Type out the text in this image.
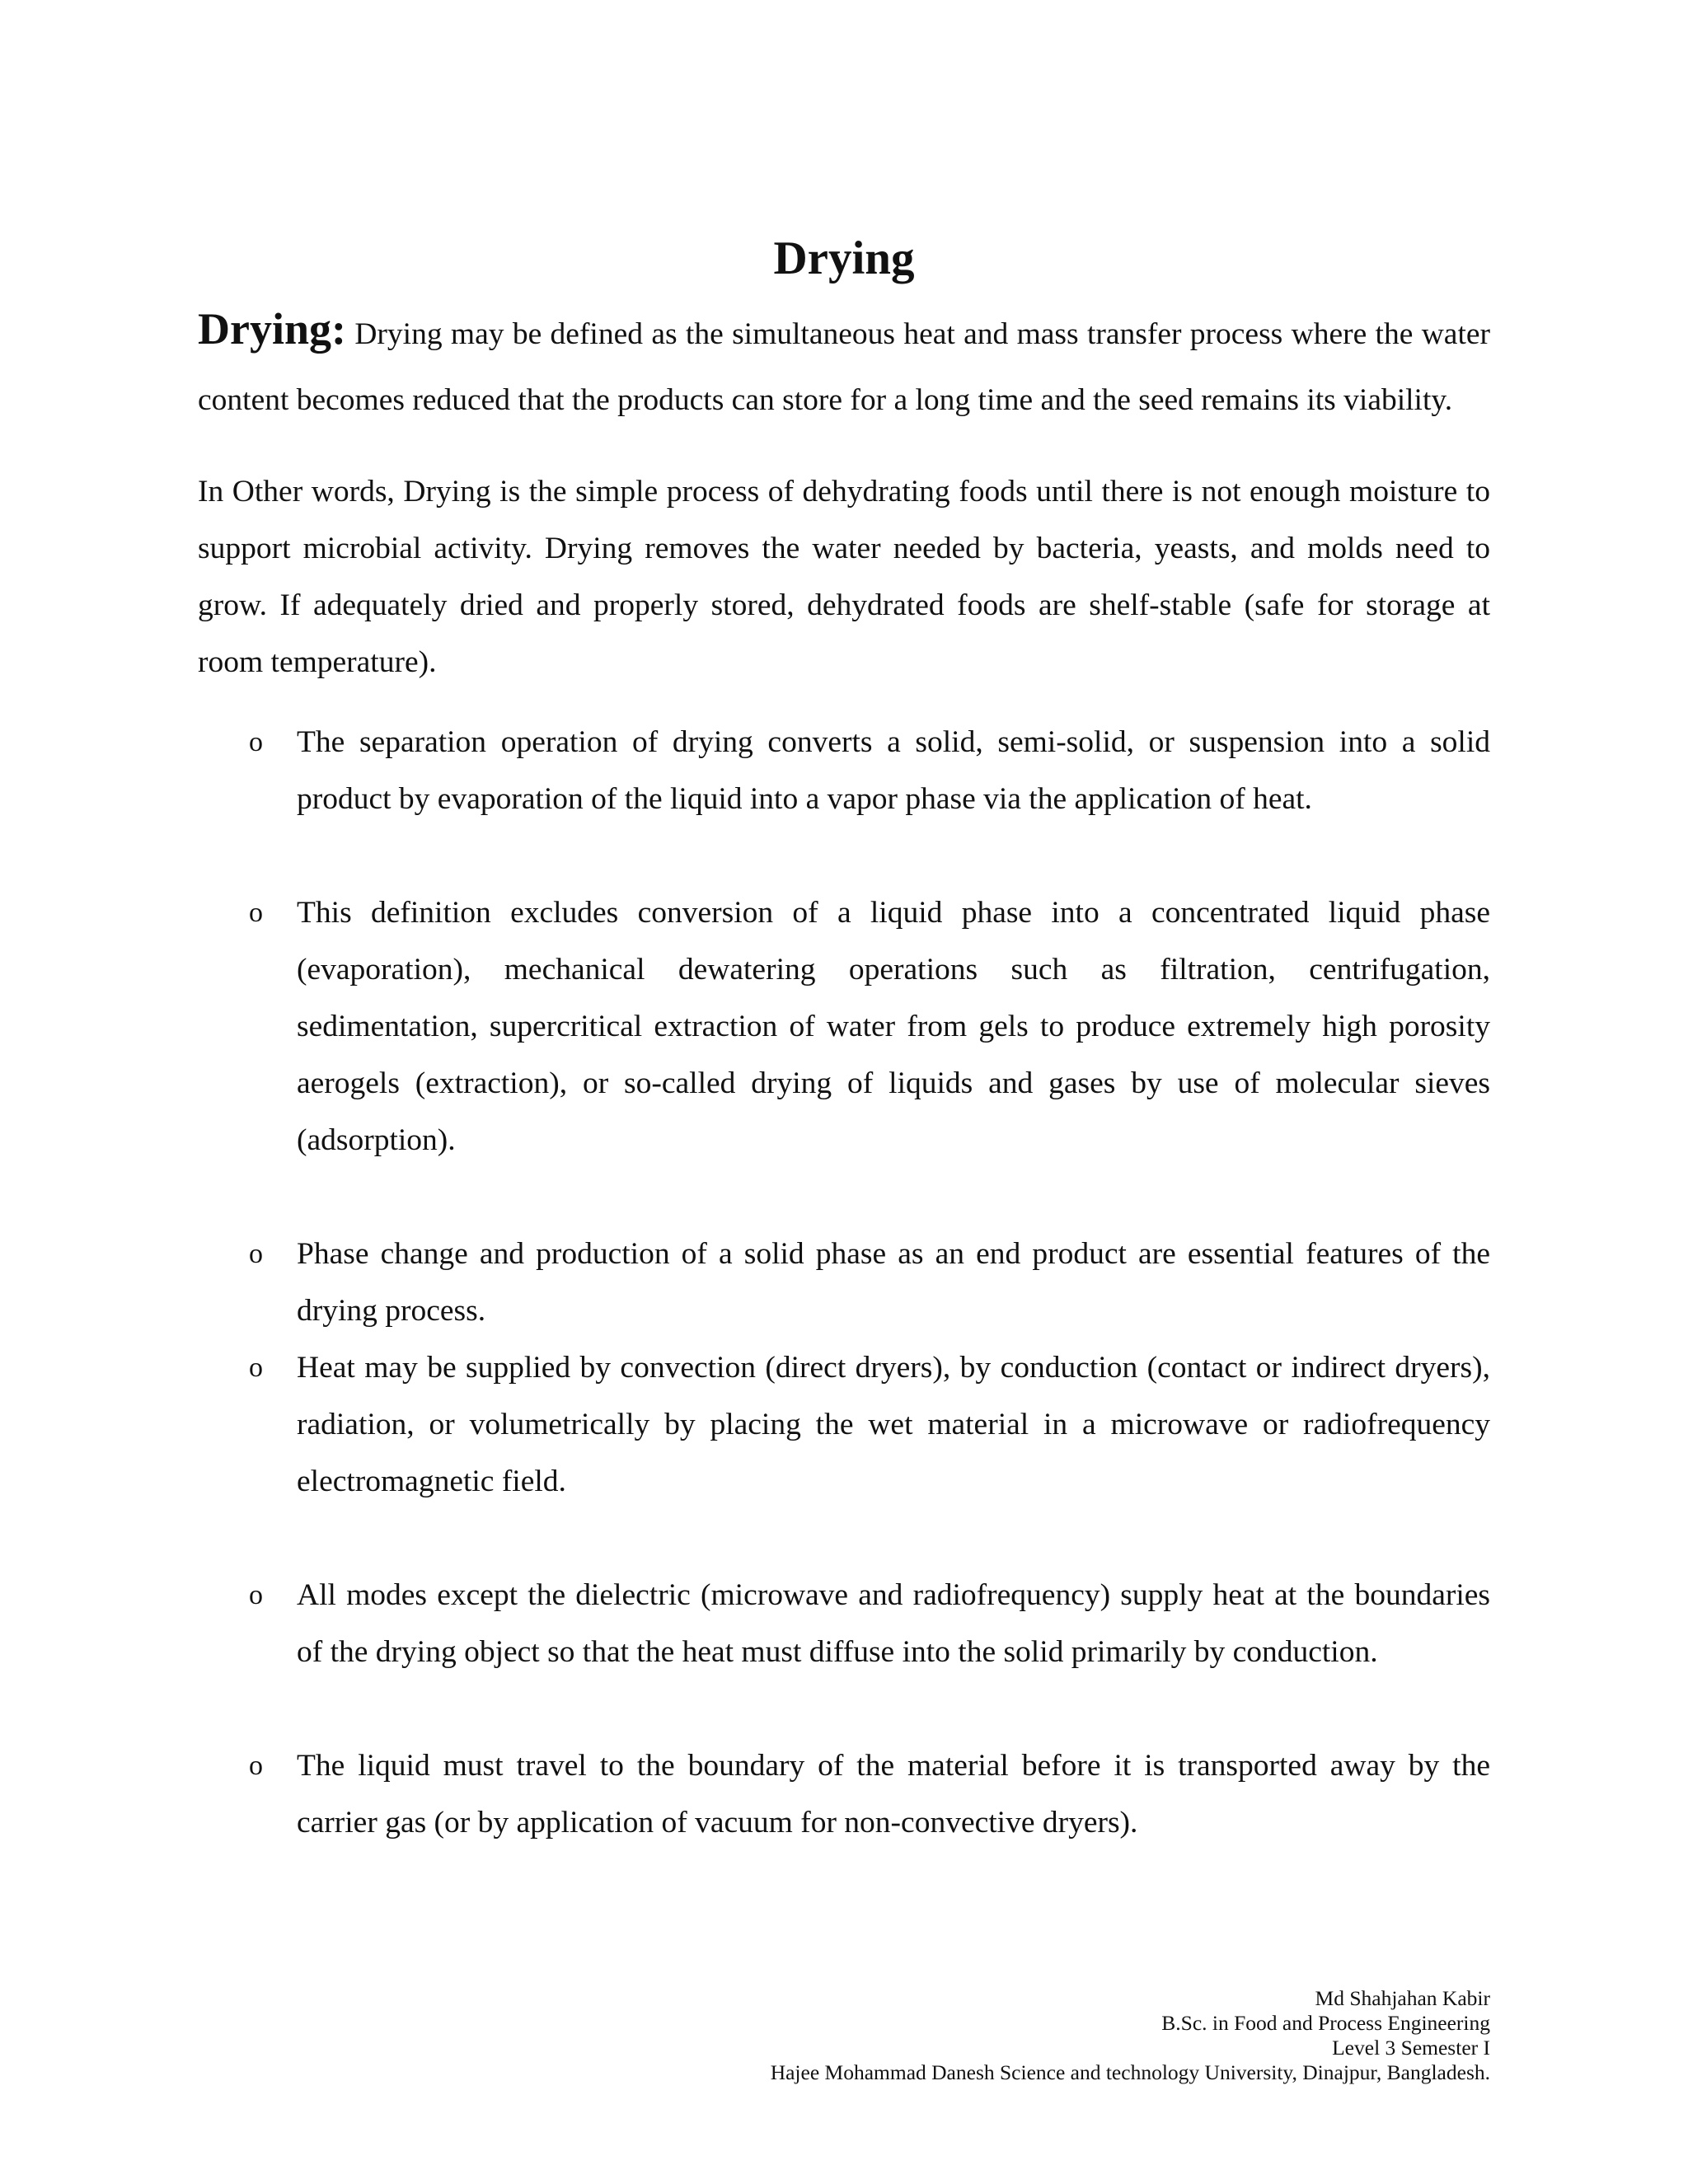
Drying

Drying: Drying may be defined as the simultaneous heat and mass transfer process where the water content becomes reduced that the products can store for a long time and the seed remains its viability.

In Other words, Drying is the simple process of dehydrating foods until there is not enough moisture to support microbial activity. Drying removes the water needed by bacteria, yeasts, and molds need to grow. If adequately dried and properly stored, dehydrated foods are shelf-stable (safe for storage at room temperature).

o The separation operation of drying converts a solid, semi-solid, or suspension into a solid product by evaporation of the liquid into a vapor phase via the application of heat.
o This definition excludes conversion of a liquid phase into a concentrated liquid phase (evaporation), mechanical dewatering operations such as filtration, centrifugation, sedimentation, supercritical extraction of water from gels to produce extremely high porosity aerogels (extraction), or so-called drying of liquids and gases by use of molecular sieves (adsorption).
o Phase change and production of a solid phase as an end product are essential features of the drying process.
o Heat may be supplied by convection (direct dryers), by conduction (contact or indirect dryers), radiation, or volumetrically by placing the wet material in a microwave or radiofrequency electromagnetic field.
o All modes except the dielectric (microwave and radiofrequency) supply heat at the boundaries of the drying object so that the heat must diffuse into the solid primarily by conduction.
o The liquid must travel to the boundary of the material before it is transported away by the carrier gas (or by application of vacuum for non-convective dryers).
Md Shahjahan Kabir
B.Sc. in Food and Process Engineering
Level 3 Semester I
Hajee Mohammad Danesh Science and technology University, Dinajpur, Bangladesh.
